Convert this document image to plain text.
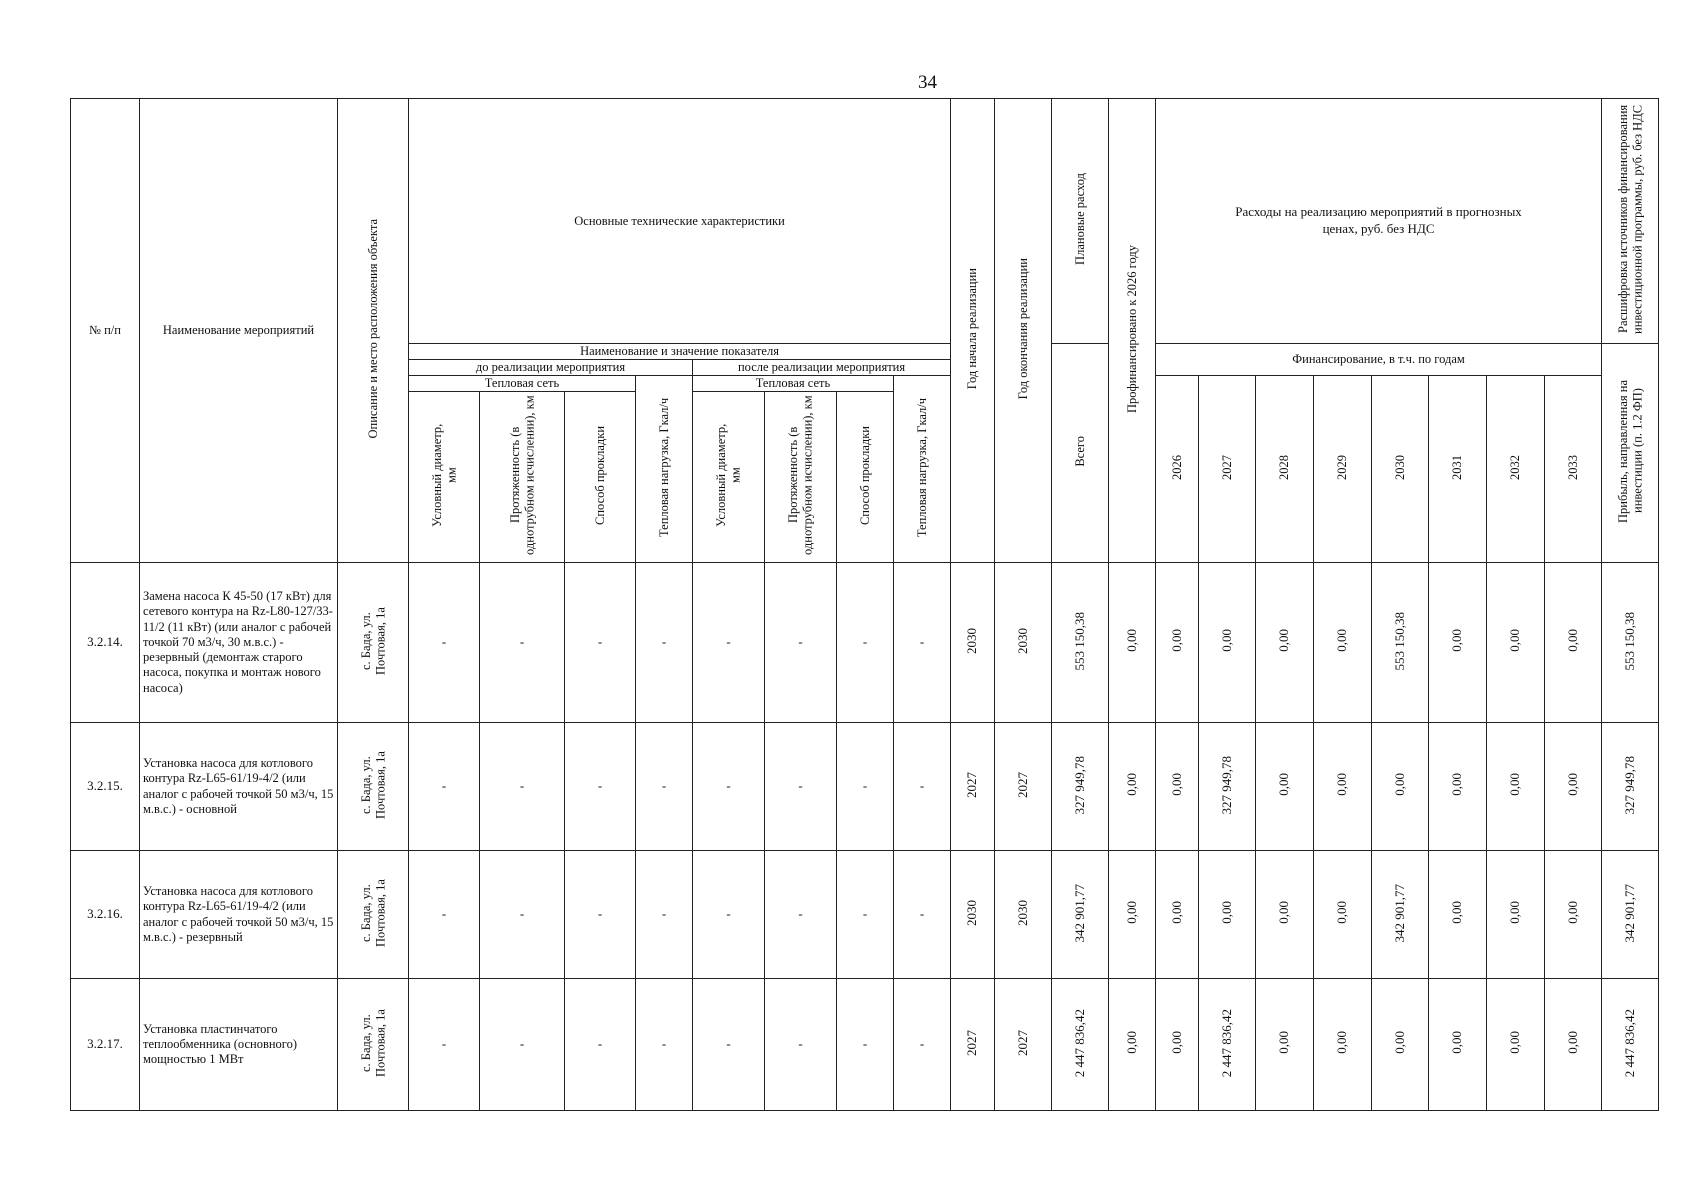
34
№ п/п	Наименование мероприятий	Описание и место расположения объекта	Основные технические характеристики								Год начала реализации	Год окончания реализации	Плановые расход	Профинансировано к 2026 году	Расходы на реализацию мероприятий в прогнозных ценах, руб. без НДС								Расшифровка источников финансирования инвестиционной программы, руб. без НДС
			Наименование и значение показателя										Всего		Финансирование, в т.ч. по годам								Прибыль, направленная на инвестиции (п. 1.2 ФП)
			до реализации мероприятия				после реализации мероприятия																
			Тепловая сеть			Тепловая нагрузка, Гкал/ч	Тепловая сеть			Тепловая нагрузка, Гкал/ч					2026	2027	2028	2029	2030	2031	2032	2033	
			Условный диаметр, мм	Протяженность (в однотрубном исчислении), км	Способ прокладки		Условный диаметр, мм	Протяженность (в однотрубном исчислении), км	Способ прокладки														
3.2.14.	Замена насоса К 45-50 (17 кВт) для сетевого контура на Rz-L80-127/33-11/2 (11 кВт) (или аналог с рабочей точкой 70 м3/ч, 30 м.в.с.) - резервный (демонтаж старого насоса, покупка и монтаж нового насоса)	с. Бада, ул. Почтовая, 1а	-	-	-	-	-	-	-	-	2030	2030	553 150,38	0,00	0,00	0,00	0,00	0,00	553 150,38	0,00	0,00	0,00	553 150,38
3.2.15.	Установка насоса для котлового контура Rz-L65-61/19-4/2 (или аналог с рабочей точкой 50 м3/ч, 15 м.в.с.) - основной	с. Бада, ул. Почтовая, 1а	-	-	-	-	-	-	-	-	2027	2027	327 949,78	0,00	0,00	327 949,78	0,00	0,00	0,00	0,00	0,00	0,00	327 949,78
3.2.16.	Установка насоса для котлового контура Rz-L65-61/19-4/2 (или аналог с рабочей точкой 50 м3/ч, 15 м.в.с.) - резервный	с. Бада, ул. Почтовая, 1а	-	-	-	-	-	-	-	-	2030	2030	342 901,77	0,00	0,00	0,00	0,00	0,00	342 901,77	0,00	0,00	0,00	342 901,77
3.2.17.	Установка пластинчатого теплообменника (основного) мощностью 1 МВт	с. Бада, ул. Почтовая, 1а	-	-	-	-	-	-	-	-	2027	2027	2 447 836,42	0,00	0,00	2 447 836,42	0,00	0,00	0,00	0,00	0,00	0,00	2 447 836,42
